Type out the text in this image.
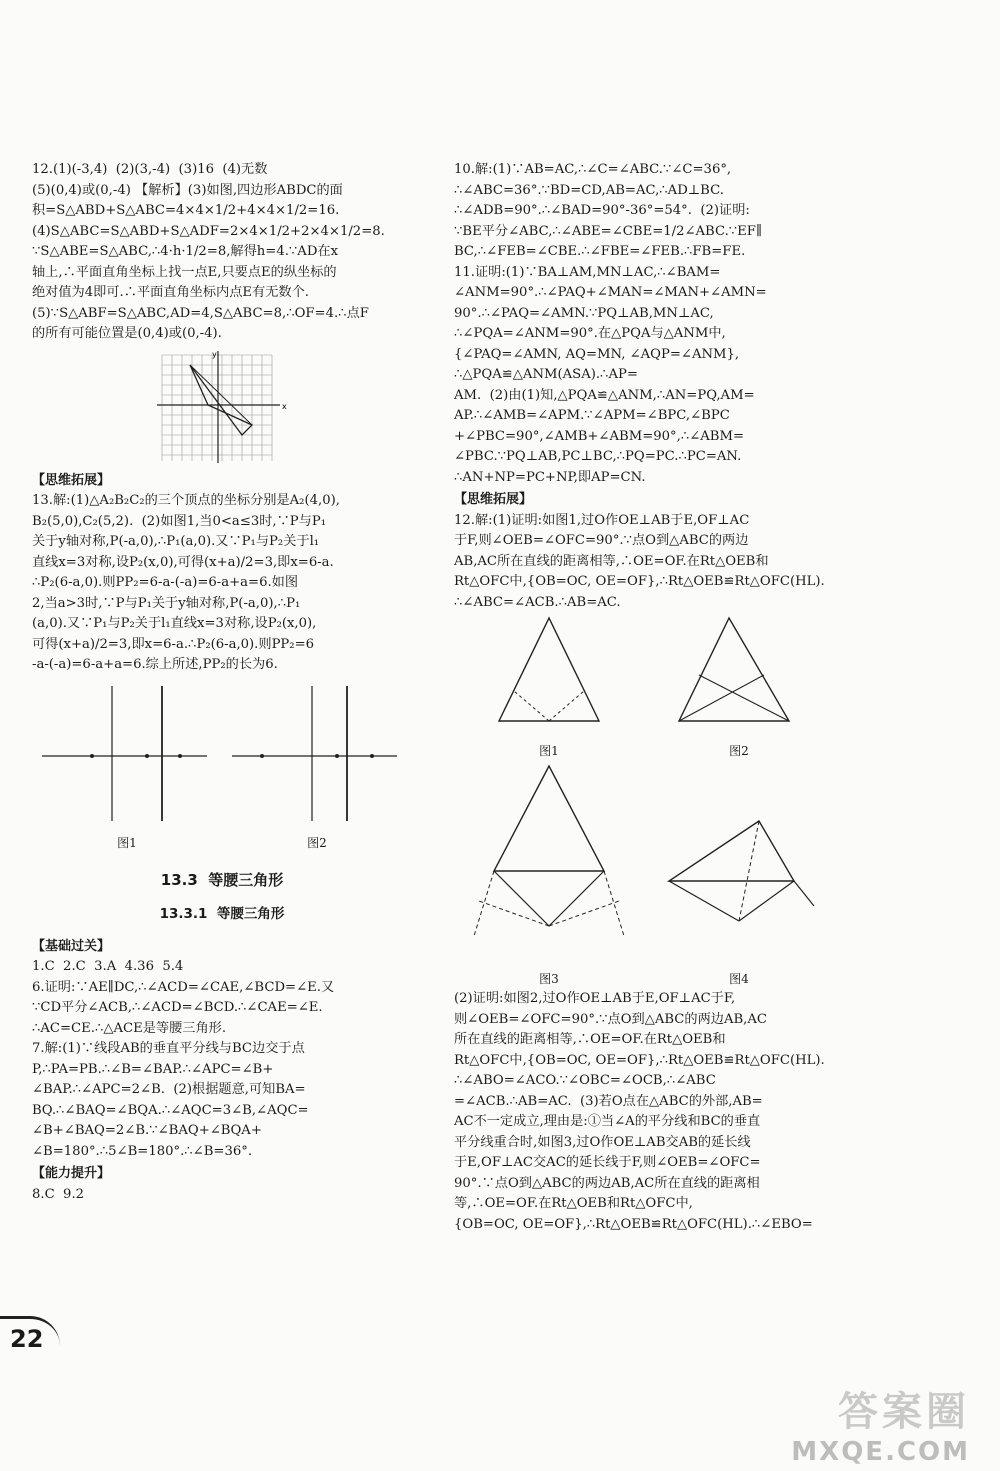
12.(1)(-3,4)  (2)(3,-4)  (3)16  (4)无数

(5)(0,4)或(0,-4) 【解析】(3)如图,四边形ABDC的面

积=S△ABD+S△ABC=4×4×1/2+4×4×1/2=16.

(4)S△ABC=S△ABD+S△ADF=2×4×1/2+2×4×1/2=8.

∵S△ABE=S△ABC,∴4·h·1/2=8,解得h=4.∵AD在x

轴上,∴平面直角坐标上找一点E,只要点E的纵坐标的

绝对值为4即可.∴平面直角坐标内点E有无数个.

(5)∵S△ABF=S△ABC,AD=4,S△ABC=8,∴OF=4.∴点F

的所有可能位置是(0,4)或(0,-4).

x
y

【思维拓展】

13.解:(1)△A₂B₂C₂的三个顶点的坐标分别是A₂(4,0),

B₂(5,0),C₂(5,2).  (2)如图1,当0<a≤3时,∵P与P₁

关于y轴对称,P(-a,0),∴P₁(a,0).又∵P₁与P₂关于l₁

直线x=3对称,设P₂(x,0),可得(x+a)/2=3,即x=6-a.

∴P₂(6-a,0).则PP₂=6-a-(-a)=6-a+a=6.如图

2,当a>3时,∵P与P₁关于y轴对称,P(-a,0),∴P₁

(a,0).又∵P₁与P₂关于l₁直线x=3对称,设P₂(x,0),

可得(x+a)/2=3,即x=6-a.∴P₂(6-a,0).则PP₂=6

-a-(-a)=6-a+a=6.综上所述,PP₂的长为6.

图1	图2

13.3  等腰三角形

13.3.1  等腰三角形

【基础过关】

1.C  2.C  3.A  4.36  5.4

6.证明:∵AE∥DC,∴∠ACD=∠CAE,∠BCD=∠E.又

∵CD平分∠ACB,∴∠ACD=∠BCD.∴∠CAE=∠E.

∴AC=CE.∴△ACE是等腰三角形.

7.解:(1)∵线段AB的垂直平分线与BC边交于点

P,∴PA=PB.∴∠B=∠BAP.∴∠APC=∠B+

∠BAP.∴∠APC=2∠B.  (2)根据题意,可知BA=

BQ.∴∠BAQ=∠BQA.∴∠AQC=3∠B,∠AQC=

∠B+∠BAQ=2∠B.∵∠BAQ+∠BQA+

∠B=180°.∴5∠B=180°.∴∠B=36°.

【能力提升】

8.C  9.2

10.解:(1)∵AB=AC,∴∠C=∠ABC.∵∠C=36°,

∴∠ABC=36°.∵BD=CD,AB=AC,∴AD⊥BC.

∴∠ADB=90°.∴∠BAD=90°-36°=54°.  (2)证明:

∵BE平分∠ABC,∴∠ABE=∠CBE=1/2∠ABC.∵EF∥

BC,∴∠FEB=∠CBE.∴∠FBE=∠FEB.∴FB=FE.

11.证明:(1)∵BA⊥AM,MN⊥AC,∴∠BAM=

∠ANM=90°.∴∠PAQ+∠MAN=∠MAN+∠AMN=

90°.∴∠PAQ=∠AMN.∵PQ⊥AB,MN⊥AC,

∴∠PQA=∠ANM=90°.在△PQA与△ANM中,

{∠PAQ=∠AMN, AQ=MN, ∠AQP=∠ANM}, ∴△PQA≌△ANM(ASA).∴AP=

AM.  (2)由(1)知,△PQA≌△ANM,∴AN=PQ,AM=

AP.∴∠AMB=∠APM.∵∠APM=∠BPC,∠BPC

+∠PBC=90°,∠AMB+∠ABM=90°,∴∠ABM=

∠PBC.∵PQ⊥AB,PC⊥BC,∴PQ=PC.∴PC=AN.

∴AN+NP=PC+NP,即AP=CN.

【思维拓展】

12.解:(1)证明:如图1,过O作OE⊥AB于E,OF⊥AC

于F,则∠OEB=∠OFC=90°.∵点O到△ABC的两边

AB,AC所在直线的距离相等,∴OE=OF.在Rt△OEB和

Rt△OFC中,{OB=OC, OE=OF},∴Rt△OEB≌Rt△OFC(HL).

∴∠ABC=∠ACB.∴AB=AC.

图1	图2
图3	图4

(2)证明:如图2,过O作OE⊥AB于E,OF⊥AC于F,

则∠OEB=∠OFC=90°.∵点O到△ABC的两边AB,AC

所在直线的距离相等,∴OE=OF.在Rt△OEB和

Rt△OFC中,{OB=OC, OE=OF},∴Rt△OEB≌Rt△OFC(HL).

∴∠ABO=∠ACO.∵∠OBC=∠OCB,∴∠ABC

=∠ACB.∴AB=AC.  (3)若O点在△ABC的外部,AB=

AC不一定成立,理由是:①当∠A的平分线和BC的垂直

平分线重合时,如图3,过O作OE⊥AB交AB的延长线

于E,OF⊥AC交AC的延长线于F,则∠OEB=∠OFC=

90°.∵点O到△ABC的两边AB,AC所在直线的距离相

等,∴OE=OF.在Rt△OEB和Rt△OFC中,

{OB=OC, OE=OF},∴Rt△OEB≌Rt△OFC(HL).∴∠EBO=

22
答案圈
MXQE.COM
